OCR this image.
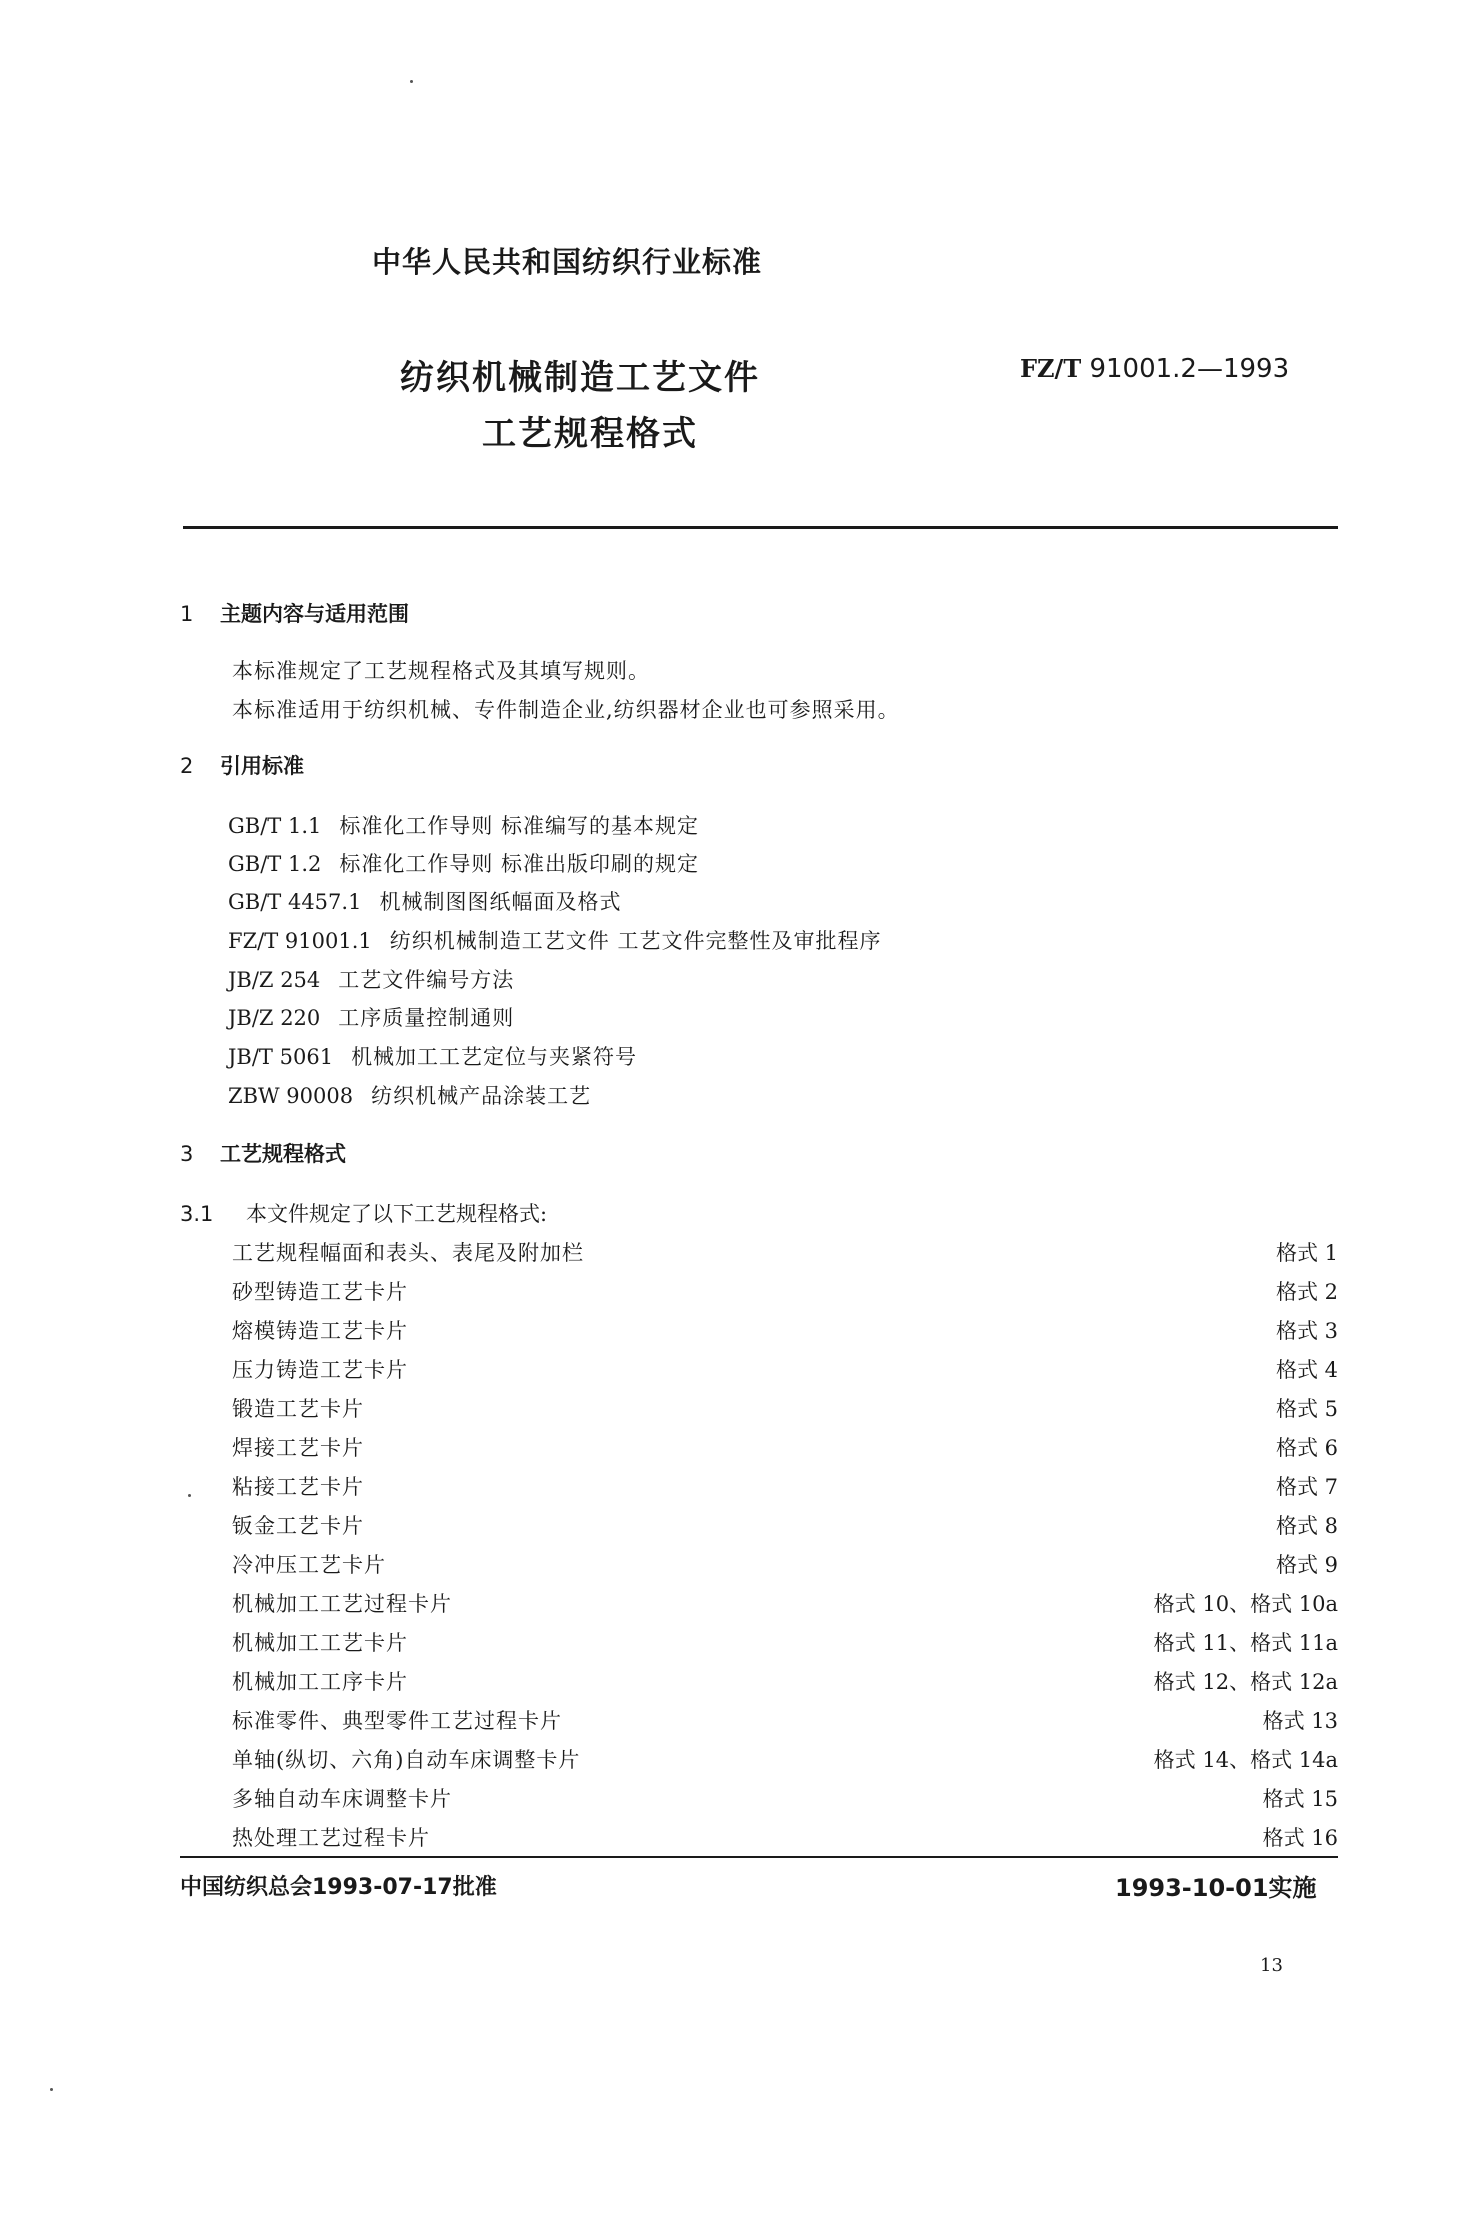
中华人民共和国纺织行业标准
纺织机械制造工艺文件
工艺规程格式
FZ/T 91001.2—1993
1 主题内容与适用范围
本标准规定了工艺规程格式及其填写规则。
本标准适用于纺织机械、专件制造企业,纺织器材企业也可参照采用。
2 引用标准
GB/T 1.1 标准化工作导则 标准编写的基本规定
GB/T 1.2 标准化工作导则 标准出版印刷的规定
GB/T 4457.1 机械制图图纸幅面及格式
FZ/T 91001.1 纺织机械制造工艺文件 工艺文件完整性及审批程序
JB/Z 254 工艺文件编号方法
JB/Z 220 工序质量控制通则
JB/T 5061 机械加工工艺定位与夹紧符号
ZBW 90008 纺织机械产品涂装工艺
3 工艺规程格式
3.1 本文件规定了以下工艺规程格式:
工艺规程幅面和表头、表尾及附加栏	格式 1
砂型铸造工艺卡片	格式 2
熔模铸造工艺卡片	格式 3
压力铸造工艺卡片	格式 4
锻造工艺卡片	格式 5
焊接工艺卡片	格式 6
粘接工艺卡片	格式 7
钣金工艺卡片	格式 8
冷冲压工艺卡片	格式 9
机械加工工艺过程卡片	格式 10、格式 10a
机械加工工艺卡片	格式 11、格式 11a
机械加工工序卡片	格式 12、格式 12a
标准零件、典型零件工艺过程卡片	格式 13
单轴(纵切、六角)自动车床调整卡片	格式 14、格式 14a
多轴自动车床调整卡片	格式 15
热处理工艺过程卡片	格式 16
中国纺织总会1993-07-17批准	1993-10-01实施
13
